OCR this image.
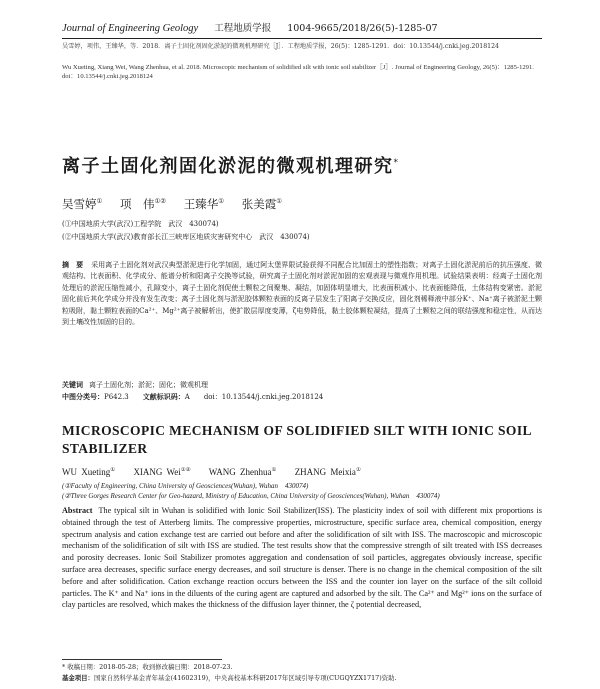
Journal of Engineering Geology 工程地质学报 1004-9665/2018/26(5)-1285-07
吴雪婷，项伟，王臻华，等．2018．离子土固化剂固化淤泥的微观机理研究［J］．工程地质学报，26(5)：1285-1291．doi：10.13544/j.cnki.jeg.2018124
Wu Xueting, Xiang Wei, Wang Zhenhua, et al. 2018. Microscopic mechanism of solidified silt with ionic soil stabilizer［J］. Journal of Engineering Geology, 26(5)：1285-1291. doi：10.13544/j.cnki.jeg.2018124
离子土固化剂固化淤泥的微观机理研究*
吴雪婷① 项　伟①② 王臻华① 张美霞①
(①中国地质大学(武汉)工程学院　武汉　430074)
(②中国地质大学(武汉)教育部长江三峡库区地质灾害研究中心　武汉　430074)
摘　要 采用离子土固化剂对武汉典型淤泥进行化学加固，通过阿太堡界限试验获得不同配合比加固土的塑性指数；对离子土固化淤泥前后的抗压强度、微观结构、比表面积、化学成分、能谱分析和阳离子交换等试验，研究离子土固化剂对淤泥加固的宏观表现与微观作用机理。试验结果表明：经离子土固化剂处理后的淤泥压缩性减小，孔隙变小，离子土固化剂促使土颗粒之间聚集、凝结，加固体明显增大，比表面积减小、比表面能降低，土体结构变紧密。淤泥固化前后其化学成分并没有发生改变；离子土固化剂与淤泥胶体颗粒表面的反离子层发生了阳离子交换反应，固化剂稀释液中部分K⁺、Na⁺离子被淤泥土颗粒吸附，黏土颗粒表面的Ca²⁺、Mg²⁺离子被解析出，使扩散层厚度变薄，ζ电势降低，黏土胶体颗粒凝结，提高了土颗粒之间的联结强度和稳定性，从而达到土壤改性加固的目的。
关键词 离子土固化剂；淤泥；固化；微观机理
中图分类号：P642.3 文献标识码：A doi：10.13544/j.cnki.jeg.2018124
MICROSCOPIC MECHANISM OF SOLIDIFIED SILT WITH IONIC SOIL STABILIZER
WU Xueting① XIANG Wei①② WANG Zhenhua① ZHANG Meixia①
(①Faculty of Engineering, China University of Geosciences(Wuhan), Wuhan　430074)
(②Three Gorges Research Center for Geo-hazard, Ministry of Education, China University of Geosciences(Wuhan), Wuhan　430074)
Abstract The typical silt in Wuhan is solidified with Ionic Soil Stabilizer(ISS). The plasticity index of soil with different mix proportions is obtained through the test of Atterberg limits. The compressive properties, microstructure, specific surface area, chemical composition, energy spectrum analysis and cation exchange test are carried out before and after the solidification of silt with ISS. The macroscopic and microscopic mechanism of the solidification of silt with ISS are studied. The test results show that the compressive strength of silt treated with ISS decreases and porosity decreases. Ionic Soil Stabilizer promotes aggregation and condensation of soil particles, aggregates obviously increase, specific surface area decreases, specific surface energy decreases, and soil structure is denser. There is no change in the chemical composition of the silt before and after solidification. Cation exchange reaction occurs between the ISS and the counter ion layer on the surface of the silt colloid particles. The K⁺ and Na⁺ ions in the diluents of the curing agent are captured and adsorbed by the silt. The Ca²⁺ and Mg²⁺ ions on the surface of clay particles are resolved, which makes the thickness of the diffusion layer thinner, the ζ potential decreased,
* 收稿日期：2018-05-28；收到修改稿日期：2018-07-23.
基金项目：国家自然科学基金青年基金(41602319)，中央高校基本科研2017年区域引导专项(CUGQYZX1717)资助.
